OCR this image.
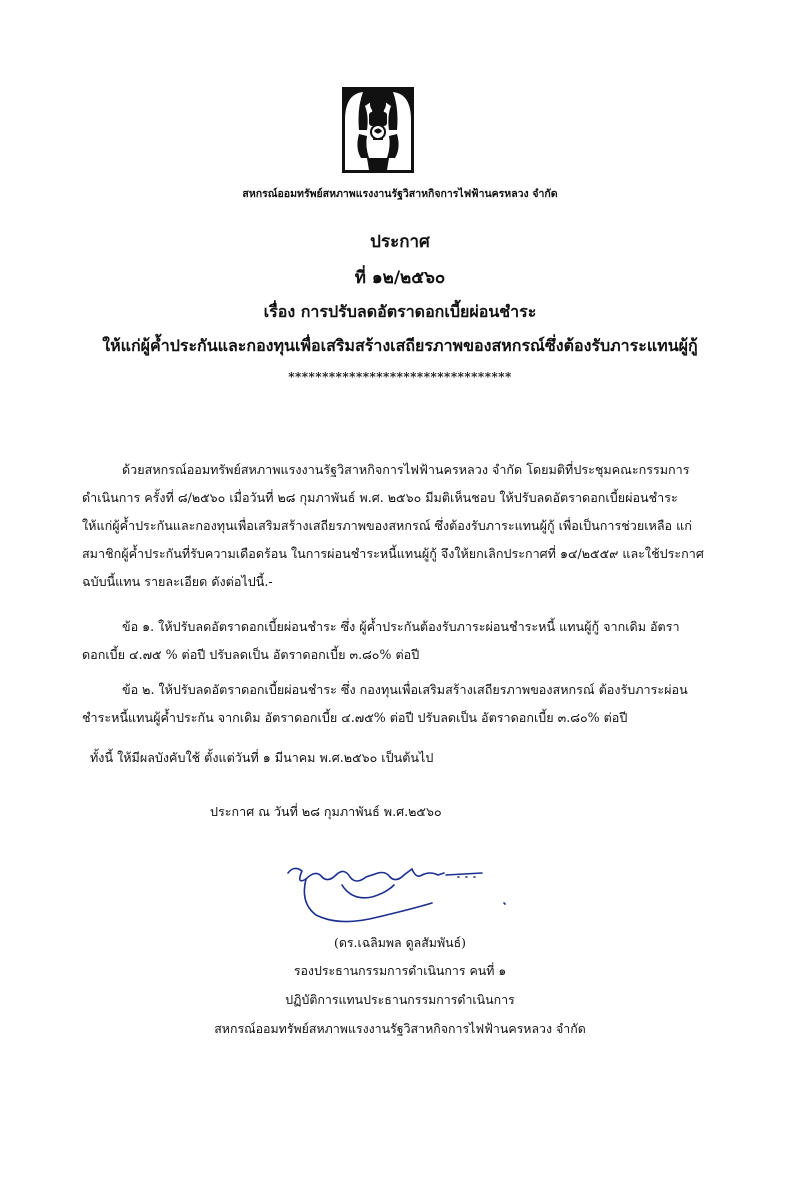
สหกรณ์ออมทรัพย์สหภาพแรงงานรัฐวิสาหกิจการไฟฟ้านครหลวง จำกัด
ประกาศ
ที่ ๑๒/๒๕๖๐
เรื่อง การปรับลดอัตราดอกเบี้ยผ่อนชำระ
ให้แก่ผู้ค้ำประกันและกองทุนเพื่อเสริมสร้างเสถียรภาพของสหกรณ์ซึ่งต้องรับภาระแทนผู้กู้
*********************************
ด้วยสหกรณ์ออมทรัพย์สหภาพแรงงานรัฐวิสาหกิจการไฟฟ้านครหลวง จำกัด โดยมติที่ประชุมคณะกรรมการ
ดำเนินการ ครั้งที่ ๘/๒๕๖๐ เมื่อวันที่ ๒๘ กุมภาพันธ์ พ.ศ. ๒๕๖๐ มีมติเห็นชอบ ให้ปรับลดอัตราดอกเบี้ยผ่อนชำระ
ให้แก่ผู้ค้ำประกันและกองทุนเพื่อเสริมสร้างเสถียรภาพของสหกรณ์ ซึ่งต้องรับภาระแทนผู้กู้ เพื่อเป็นการช่วยเหลือ แก่
สมาชิกผู้ค้ำประกันที่รับความเดือดร้อน ในการผ่อนชำระหนี้แทนผู้กู้ จึงให้ยกเลิกประกาศที่ ๑๔/๒๕๕๙ และใช้ประกาศ
ฉบับนี้แทน รายละเอียด ดังต่อไปนี้.-
ข้อ ๑. ให้ปรับลดอัตราดอกเบี้ยผ่อนชำระ ซึ่ง ผู้ค้ำประกันต้องรับภาระผ่อนชำระหนี้ แทนผู้กู้ จากเดิม อัตรา
ดอกเบี้ย ๔.๗๕ % ต่อปี ปรับลดเป็น อัตราดอกเบี้ย ๓.๘๐% ต่อปี
ข้อ ๒. ให้ปรับลดอัตราดอกเบี้ยผ่อนชำระ ซึ่ง กองทุนเพื่อเสริมสร้างเสถียรภาพของสหกรณ์ ต้องรับภาระผ่อน
ชำระหนี้แทนผู้ค้ำประกัน จากเดิม อัตราดอกเบี้ย ๔.๗๕% ต่อปี ปรับลดเป็น อัตราดอกเบี้ย ๓.๘๐% ต่อปี
ทั้งนี้ ให้มีผลบังคับใช้ ตั้งแต่วันที่ ๑ มีนาคม พ.ศ.๒๕๖๐ เป็นต้นไป
ประกาศ ณ วันที่ ๒๘ กุมภาพันธ์ พ.ศ.๒๕๖๐
(ดร.เฉลิมพล ดูลสัมพันธ์)
รองประธานกรรมการดำเนินการ คนที่ ๑
ปฏิบัติการแทนประธานกรรมการดำเนินการ
สหกรณ์ออมทรัพย์สหภาพแรงงานรัฐวิสาหกิจการไฟฟ้านครหลวง จำกัด
